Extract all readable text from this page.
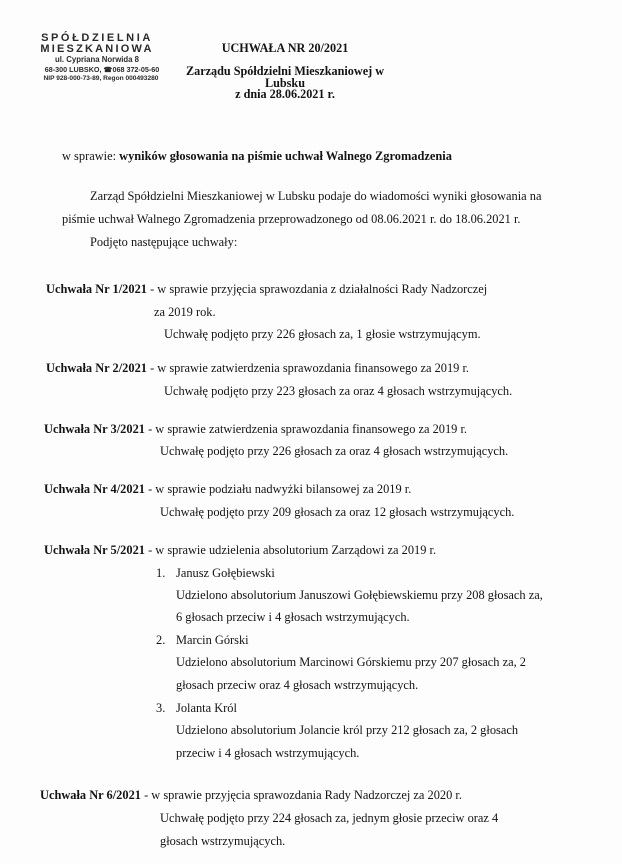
SPÓŁDZIELNIA
MIESZKANIOWA
ul. Cypriana Norwida 8
68-300 LUBSKO, ☎068 372-05-60
NIP 928-000-73-89, Regon 000493280
UCHWAŁA NR 20/2021
Zarządu Spółdzielni Mieszkaniowej w Lubsku
z dnia 28.06.2021 r.
w sprawie: wyników głosowania na piśmie uchwał Walnego Zgromadzenia
Zarząd Spółdzielni Mieszkaniowej w Lubsku podaje do wiadomości wyniki głosowania na
piśmie uchwał Walnego Zgromadzenia przeprowadzonego od 08.06.2021 r. do 18.06.2021 r.
Podjęto następujące uchwały:
Uchwała Nr 1/2021 - w sprawie przyjęcia sprawozdania z działalności Rady Nadzorczej
za 2019 rok.
Uchwałę podjęto przy 226 głosach za, 1 głosie wstrzymującym.
Uchwała Nr 2/2021 - w sprawie zatwierdzenia sprawozdania finansowego za 2019 r.
Uchwałę podjęto przy 223 głosach za oraz 4 głosach wstrzymujących.
Uchwała Nr 3/2021 - w sprawie zatwierdzenia sprawozdania finansowego za 2019 r.
Uchwałę podjęto przy 226 głosach za oraz 4 głosach wstrzymujących.
Uchwała Nr 4/2021 - w sprawie podziału nadwyżki bilansowej za 2019 r.
Uchwałę podjęto przy 209 głosach za oraz 12 głosach wstrzymujących.
Uchwała Nr 5/2021 - w sprawie udzielenia absolutorium Zarządowi za 2019 r.
1. Janusz Gołębiewski
Udzielono absolutorium Januszowi Gołębiewskiemu przy 208 głosach za,
6 głosach przeciw i 4 głosach wstrzymujących.
2. Marcin Górski
Udzielono absolutorium Marcinowi Górskiemu przy 207 głosach za, 2
głosach przeciw oraz 4 głosach wstrzymujących.
3. Jolanta Król
Udzielono absolutorium Jolancie król przy 212 głosach za, 2 głosach
przeciw i 4 głosach wstrzymujących.
Uchwała Nr 6/2021 - w sprawie przyjęcia sprawozdania Rady Nadzorczej za 2020 r.
Uchwałę podjęto przy 224 głosach za, jednym głosie przeciw oraz 4
głosach wstrzymujących.
